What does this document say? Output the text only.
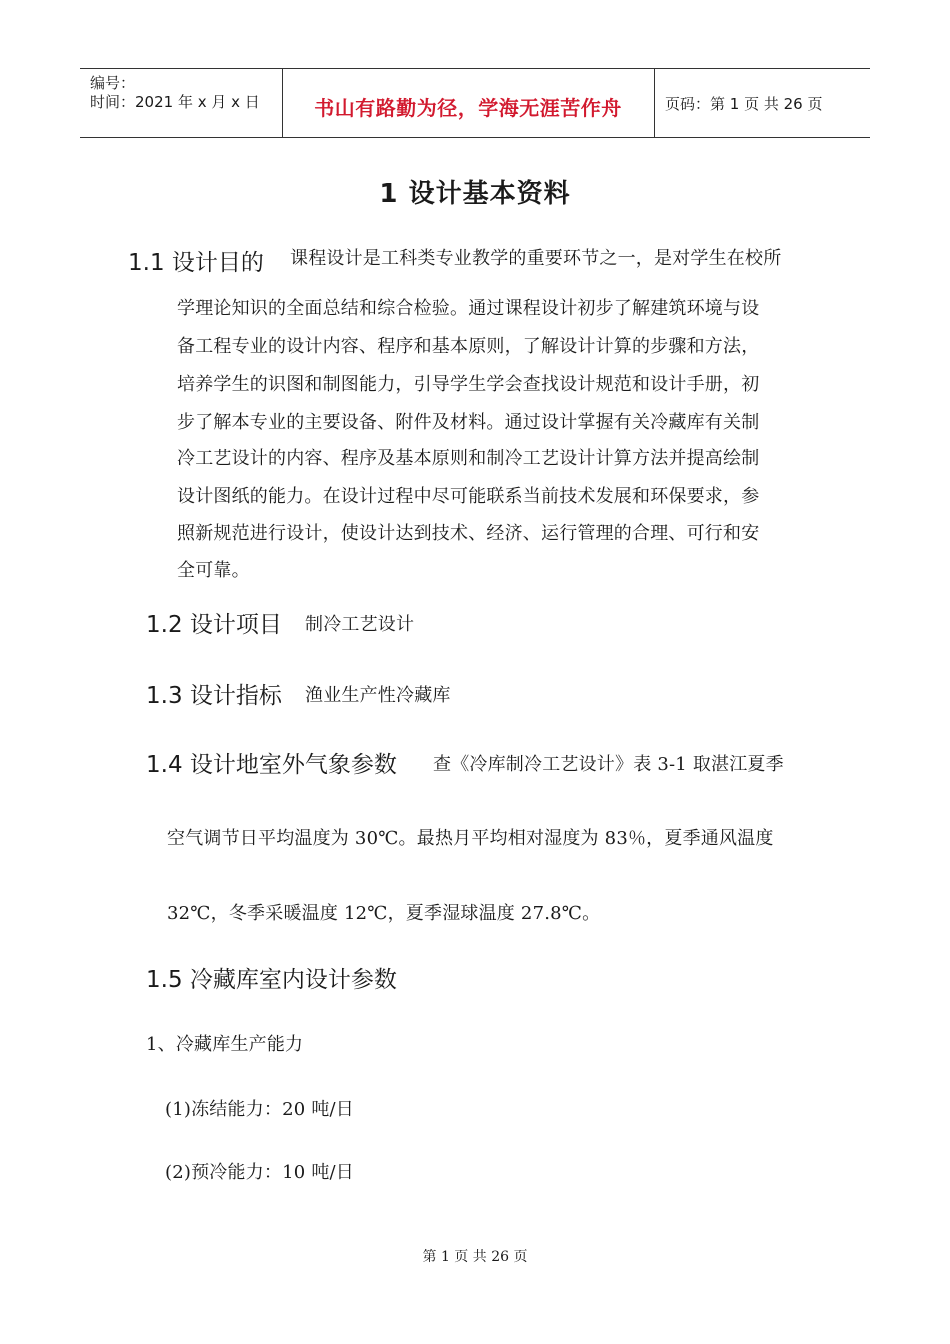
编号：
时间：2021 年 x 月 x 日	书山有路勤为径，学海无涯苦作舟	页码：第 1 页 共 26 页
1 设计基本资料
1.1 设计目的 课程设计是工科类专业教学的重要环节之一，是对学生在校所
学理论知识的全面总结和综合检验。通过课程设计初步了解建筑环境与设
备工程专业的设计内容、程序和基本原则，了解设计计算的步骤和方法，
培养学生的识图和制图能力，引导学生学会查找设计规范和设计手册，初
步了解本专业的主要设备、附件及材料。通过设计掌握有关冷藏库有关制
冷工艺设计的内容、程序及基本原则和制冷工艺设计计算方法并提高绘制
设计图纸的能力。在设计过程中尽可能联系当前技术发展和环保要求，参
照新规范进行设计，使设计达到技术、经济、运行管理的合理、可行和安
全可靠。
1.2 设计项目 制冷工艺设计
1.3 设计指标 渔业生产性冷藏库
1.4 设计地室外气象参数 查《冷库制冷工艺设计》表 3-1 取湛江夏季
空气调节日平均温度为 30℃。最热月平均相对湿度为 83％，夏季通风温度
32℃，冬季采暖温度 12℃，夏季湿球温度 27.8℃。
1.5 冷藏库室内设计参数
1、冷藏库生产能力
(1)冻结能力：20 吨/日
(2)预冷能力：10 吨/日
第 1 页 共 26 页
